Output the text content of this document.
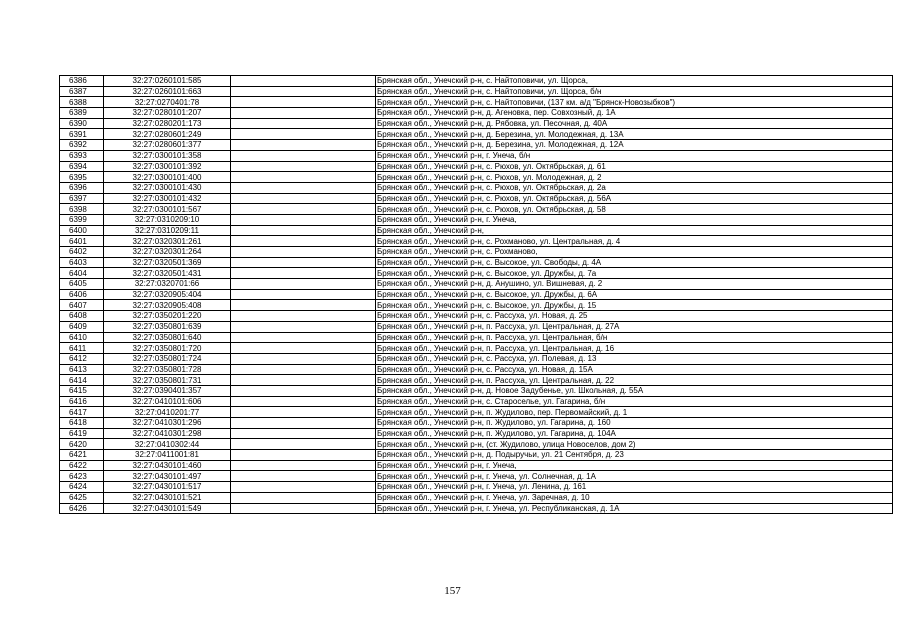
6386	32:27:0260101:585		Брянская обл., Унечский р-н, с. Найтоповичи, ул. Щорса,
6387	32:27:0260101:663		Брянская обл., Унечский р-н, с. Найтоповичи, ул. Щорса, б/н
6388	32:27:0270401:78		Брянская обл., Унечский р-н, с. Найтоповичи, (137 км. а/д "Брянск-Новозыбков")
6389	32:27:0280101:207		Брянская обл., Унечский р-н, д. Агеновка, пер. Совхозный, д. 1А
6390	32:27:0280201:173		Брянская обл., Унечский р-н, д. Рябовка, ул. Песочная, д. 40А
6391	32:27:0280601:249		Брянская обл., Унечский р-н, д. Березина, ул. Молодежная, д. 13А
6392	32:27:0280601:377		Брянская обл., Унечский р-н, д. Березина, ул. Молодежная, д. 12А
6393	32:27:0300101:358		Брянская обл., Унечский р-н, г. Унеча, б/н
6394	32:27:0300101:392		Брянская обл., Унечский р-н, с. Рюхов, ул. Октябрьская, д. 61
6395	32:27:0300101:400		Брянская обл., Унечский р-н, с. Рюхов, ул. Молодежная, д. 2
6396	32:27:0300101:430		Брянская обл., Унечский р-н, с. Рюхов, ул. Октябрьская, д. 2а
6397	32:27:0300101:432		Брянская обл., Унечский р-н, с. Рюхов, ул. Октябрьская, д. 56А
6398	32:27:0300101:567		Брянская обл., Унечский р-н, с. Рюхов, ул. Октябрьская, д. 58
6399	32:27:0310209:10		Брянская обл., Унечский р-н, г. Унеча,
6400	32:27:0310209:11		Брянская обл., Унечский р-н,
6401	32:27:0320301:261		Брянская обл., Унечский р-н, с. Рохманово, ул. Центральная, д. 4
6402	32:27:0320301:264		Брянская обл., Унечский р-н, с. Рохманово,
6403	32:27:0320501:369		Брянская обл., Унечский р-н, с. Высокое, ул. Свободы, д. 4А
6404	32:27:0320501:431		Брянская обл., Унечский р-н, с. Высокое, ул. Дружбы, д. 7а
6405	32:27:0320701:66		Брянская обл., Унечский р-н, д. Анушино, ул. Вишневая, д. 2
6406	32:27:0320905:404		Брянская обл., Унечский р-н, с. Высокое, ул. Дружбы, д. 6А
6407	32:27:0320905:408		Брянская обл., Унечский р-н, с. Высокое, ул. Дружбы, д. 15
6408	32:27:0350201:220		Брянская обл., Унечский р-н, с. Рассуха, ул. Новая, д. 25
6409	32:27:0350801:639		Брянская обл., Унечский р-н, п. Рассуха, ул. Центральная, д. 27А
6410	32:27:0350801:640		Брянская обл., Унечский р-н, п. Рассуха, ул. Центральная, б/н
6411	32:27:0350801:720		Брянская обл., Унечский р-н, п. Рассуха, ул. Центральная, д. 16
6412	32:27:0350801:724		Брянская обл., Унечский р-н, с. Рассуха, ул. Полевая, д. 13
6413	32:27:0350801:728		Брянская обл., Унечский р-н, с. Рассуха, ул. Новая, д. 15А
6414	32:27:0350801:731		Брянская обл., Унечский р-н, п. Рассуха, ул. Центральная, д. 22
6415	32:27:0390401:357		Брянская обл., Унечский р-н, д. Новое Задубенье, ул. Школьная, д. 55А
6416	32:27:0410101:606		Брянская обл., Унечский р-н, с. Староселье, ул. Гагарина, б/н
6417	32:27:0410201:77		Брянская обл., Унечский р-н, п. Жудилово, пер. Первомайский, д. 1
6418	32:27:0410301:296		Брянская обл., Унечский р-н, п. Жудилово, ул. Гагарина, д. 160
6419	32:27:0410301:298		Брянская обл., Унечский р-н, п. Жудилово, ул. Гагарина, д. 104А
6420	32:27:0410302:44		Брянская обл., Унечский р-н, (ст. Жудилово, улица Новоселов, дом 2)
6421	32:27:0411001:81		Брянская обл., Унечский р-н, д. Подыручьи, ул. 21 Сентября, д. 23
6422	32:27:0430101:460		Брянская обл., Унечский р-н, г. Унеча,
6423	32:27:0430101:497		Брянская обл., Унечский р-н, г. Унеча, ул. Солнечная, д. 1А
6424	32:27:0430101:517		Брянская обл., Унечский р-н, г. Унеча, ул. Ленина, д. 161
6425	32:27:0430101:521		Брянская обл., Унечский р-н, г. Унеча, ул. Заречная, д. 10
6426	32:27:0430101:549		Брянская обл., Унечский р-н, г. Унеча, ул. Республиканская, д. 1А
157
